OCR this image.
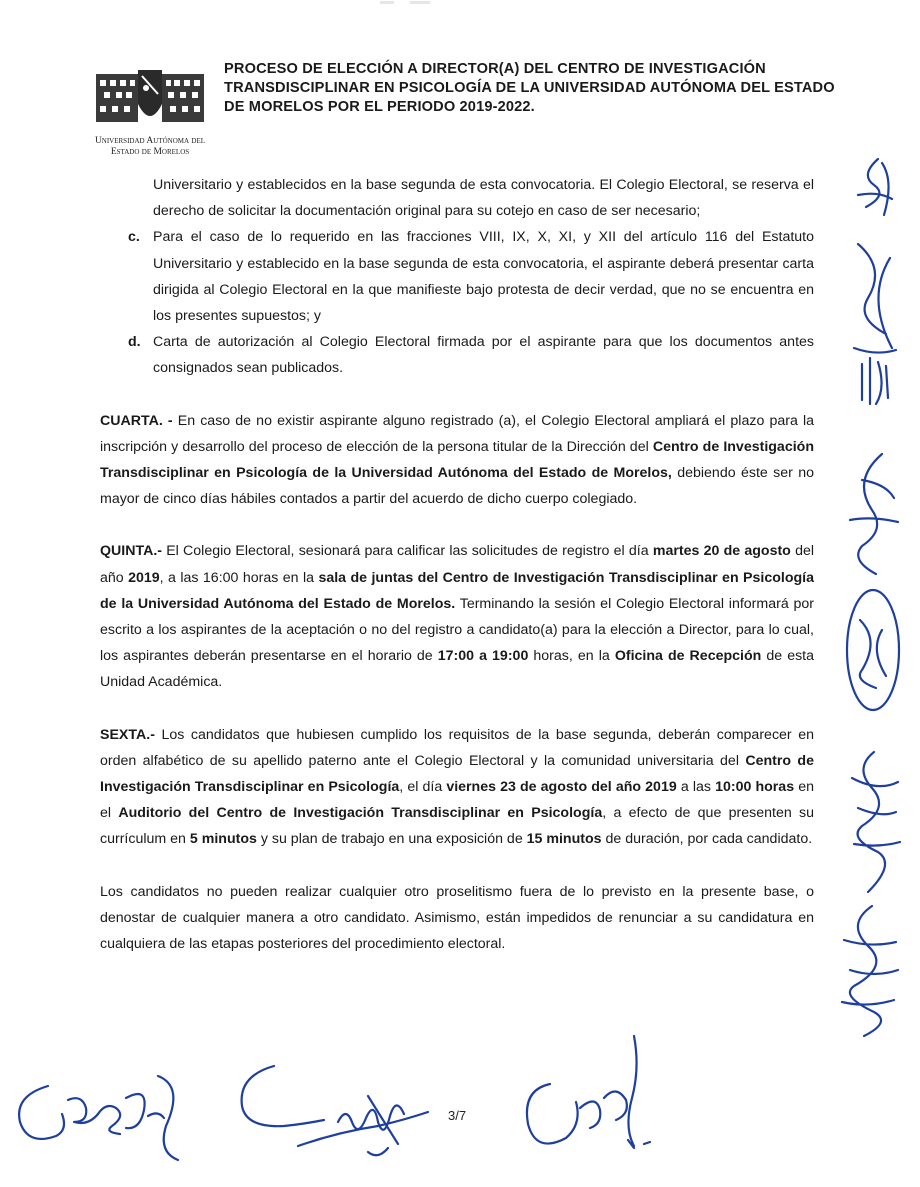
Universidad Autónoma del
Estado de Morelos
PROCESO DE ELECCIÓN A DIRECTOR(A) DEL CENTRO DE INVESTIGACIÓN TRANSDISCIPLINAR EN PSICOLOGÍA DE LA UNIVERSIDAD AUTÓNOMA DEL ESTADO DE MORELOS POR EL PERIODO 2019-2022.

Universitario y establecidos en la base segunda de esta convocatoria. El Colegio Electoral, se reserva el derecho de solicitar la documentación original para su cotejo en caso de ser necesario;

c. Para el caso de lo requerido en las fracciones VIII, IX, X, XI, y XII del artículo 116 del Estatuto Universitario y establecido en la base segunda de esta convocatoria, el aspirante deberá presentar carta dirigida al Colegio Electoral en la que manifieste bajo protesta de decir verdad, que no se encuentra en los presentes supuestos; y

d. Carta de autorización al Colegio Electoral firmada por el aspirante para que los documentos antes consignados sean publicados.

CUARTA. - En caso de no existir aspirante alguno registrado (a), el Colegio Electoral ampliará el plazo para la inscripción y desarrollo del proceso de elección de la persona titular de la Dirección del Centro de Investigación Transdisciplinar en Psicología de la Universidad Autónoma del Estado de Morelos, debiendo éste ser no mayor de cinco días hábiles contados a partir del acuerdo de dicho cuerpo colegiado.

QUINTA.- El Colegio Electoral, sesionará para calificar las solicitudes de registro el día martes 20 de agosto del año 2019, a las 16:00 horas en la sala de juntas del Centro de Investigación Transdisciplinar en Psicología de la Universidad Autónoma del Estado de Morelos. Terminando la sesión el Colegio Electoral informará por escrito a los aspirantes de la aceptación o no del registro a candidato(a) para la elección a Director, para lo cual, los aspirantes deberán presentarse en el horario de 17:00 a 19:00 horas, en la Oficina de Recepción de esta Unidad Académica.

SEXTA.- Los candidatos que hubiesen cumplido los requisitos de la base segunda, deberán comparecer en orden alfabético de su apellido paterno ante el Colegio Electoral y la comunidad universitaria del Centro de Investigación Transdisciplinar en Psicología, el día viernes 23 de agosto del año 2019 a las 10:00 horas en el Auditorio del Centro de Investigación Transdisciplinar en Psicología, a efecto de que presenten su currículum en 5 minutos y su plan de trabajo en una exposición de 15 minutos de duración, por cada candidato.

Los candidatos no pueden realizar cualquier otro proselitismo fuera de lo previsto en la presente base, o denostar de cualquier manera a otro candidato. Asimismo, están impedidos de renunciar a su candidatura en cualquiera de las etapas posteriores del procedimiento electoral.

3/7
